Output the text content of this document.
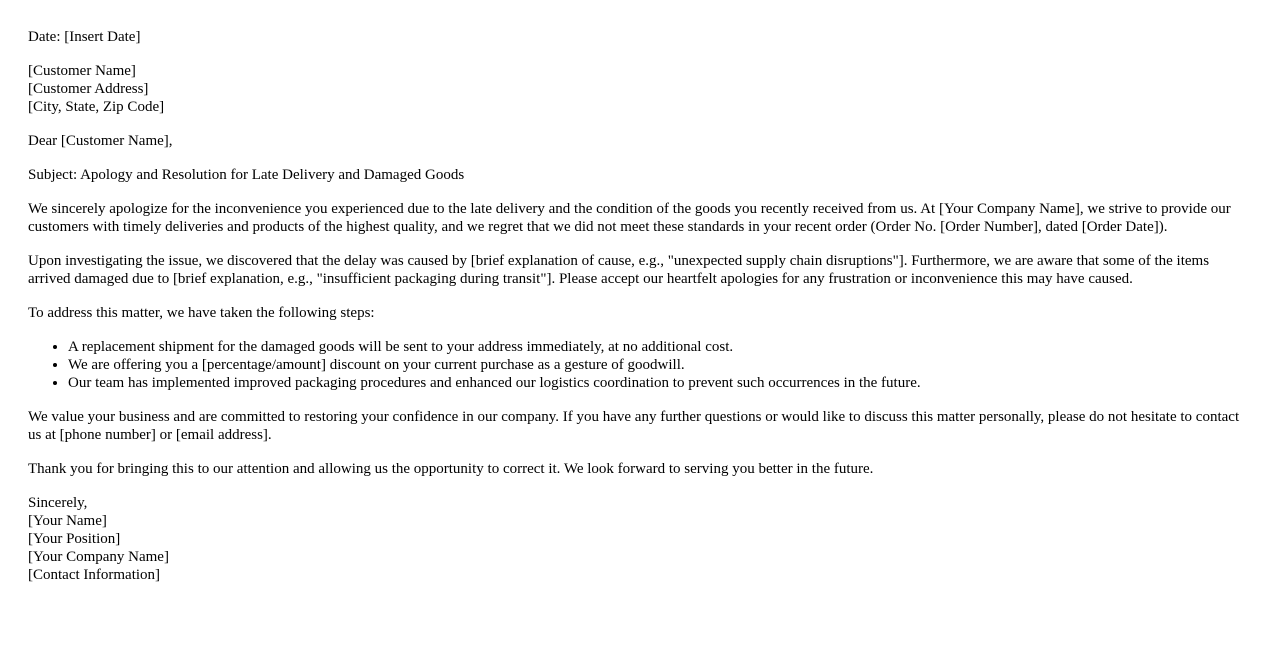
Date: [Insert Date]

[Customer Name]
[Customer Address]
[City, State, Zip Code]

Dear [Customer Name],

Subject: Apology and Resolution for Late Delivery and Damaged Goods

We sincerely apologize for the inconvenience you experienced due to the late delivery and the condition of the goods you recently received from us. At [Your Company Name], we strive to provide our customers with timely deliveries and products of the highest quality, and we regret that we did not meet these standards in your recent order (Order No. [Order Number], dated [Order Date]).

Upon investigating the issue, we discovered that the delay was caused by [brief explanation of cause, e.g., "unexpected supply chain disruptions"]. Furthermore, we are aware that some of the items arrived damaged due to [brief explanation, e.g., "insufficient packaging during transit"]. Please accept our heartfelt apologies for any frustration or inconvenience this may have caused.

To address this matter, we have taken the following steps:

• A replacement shipment for the damaged goods will be sent to your address immediately, at no additional cost.
• We are offering you a [percentage/amount] discount on your current purchase as a gesture of goodwill.
• Our team has implemented improved packaging procedures and enhanced our logistics coordination to prevent such occurrences in the future.

We value your business and are committed to restoring your confidence in our company. If you have any further questions or would like to discuss this matter personally, please do not hesitate to contact us at [phone number] or [email address].

Thank you for bringing this to our attention and allowing us the opportunity to correct it. We look forward to serving you better in the future.

Sincerely,
[Your Name]
[Your Position]
[Your Company Name]
[Contact Information]
